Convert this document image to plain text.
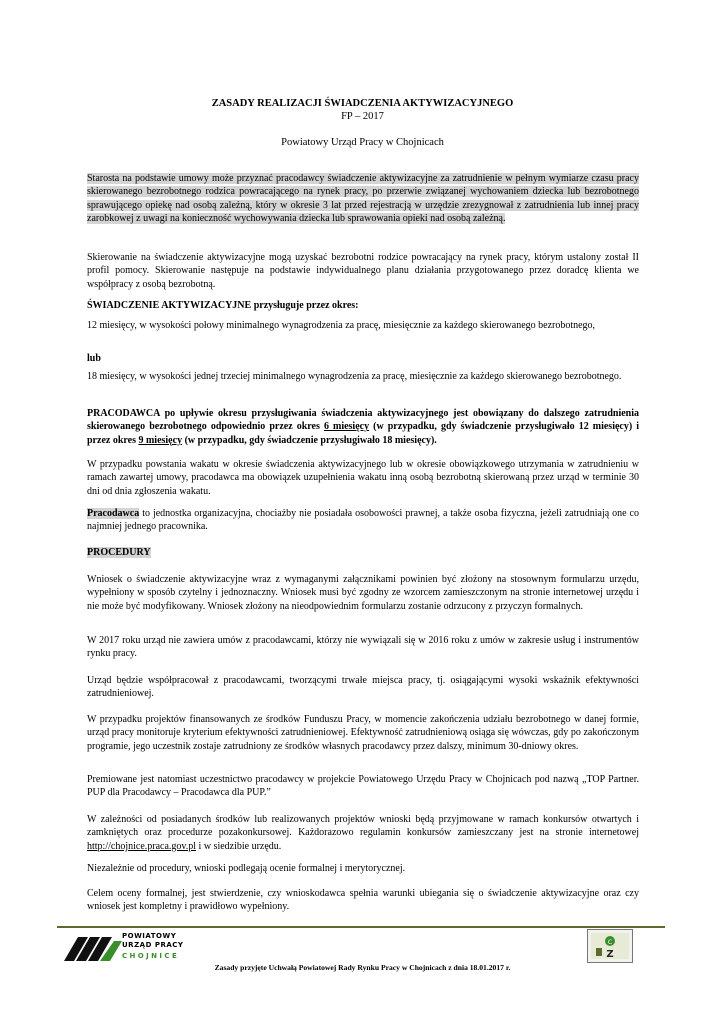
ZASADY REALIZACJI ŚWIADCZENIA AKTYWIZACYJNEGO
FP – 2017
Powiatowy Urząd Pracy w Chojnicach

Starosta na podstawie umowy może przyznać pracodawcy świadczenie aktywizacyjne za zatrudnienie w pełnym wymiarze czasu pracy skierowanego bezrobotnego rodzica powracającego na rynek pracy, po przerwie związanej wychowaniem dziecka lub bezrobotnego sprawującego opiekę nad osobą zależną, który w okresie 3 lat przed rejestracją w urzędzie zrezygnował z zatrudnienia lub innej pracy zarobkowej z uwagi na konieczność wychowywania dziecka lub sprawowania opieki nad osobą zależną.

Skierowanie na świadczenie aktywizacyjne mogą uzyskać bezrobotni rodzice powracający na rynek pracy, którym ustalony został II profil pomocy. Skierowanie następuje na podstawie indywidualnego planu działania przygotowanego przez doradcę klienta we współpracy z osobą bezrobotną.

ŚWIADCZENIE AKTYWIZACYJNE przysługuje przez okres:

12 miesięcy, w wysokości połowy minimalnego wynagrodzenia za pracę, miesięcznie za każdego skierowanego bezrobotnego,

lub

18 miesięcy, w wysokości jednej trzeciej minimalnego wynagrodzenia za pracę, miesięcznie za każdego skierowanego bezrobotnego.

PRACODAWCA po upływie okresu przysługiwania świadczenia aktywizacyjnego jest obowiązany do dalszego zatrudnienia skierowanego bezrobotnego odpowiednio przez okres 6 miesięcy (w przypadku, gdy świadczenie przysługiwało 12 miesięcy) i przez okres 9 miesięcy (w przypadku, gdy świadczenie przysługiwało 18 miesięcy).

W przypadku powstania wakatu w okresie świadczenia aktywizacyjnego lub w okresie obowiązkowego utrzymania w zatrudnieniu w ramach zawartej umowy, pracodawca ma obowiązek uzupełnienia wakatu inną osobą bezrobotną skierowaną przez urząd w terminie 30 dni od dnia zgłoszenia wakatu.

Pracodawca to jednostka organizacyjna, chociażby nie posiadała osobowości prawnej, a także osoba fizyczna, jeżeli zatrudniają one co najmniej jednego pracownika.

PROCEDURY

Wniosek o świadczenie aktywizacyjne wraz z wymaganymi załącznikami powinien być złożony na stosownym formularzu urzędu, wypełniony w sposób czytelny i jednoznaczny. Wniosek musi być zgodny ze wzorcem zamieszczonym na stronie internetowej urzędu i nie może być modyfikowany. Wniosek złożony na nieodpowiednim formularzu zostanie odrzucony z przyczyn formalnych.

W 2017 roku urząd nie zawiera umów z pracodawcami, którzy nie wywiązali się w 2016 roku z umów w zakresie usług i instrumentów rynku pracy.

Urząd będzie współpracował z pracodawcami, tworzącymi trwałe miejsca pracy, tj. osiągającymi wysoki wskaźnik efektywności zatrudnieniowej.

W przypadku projektów finansowanych ze środków Funduszu Pracy, w momencie zakończenia udziału bezrobotnego w danej formie, urząd pracy monitoruje kryterium efektywności zatrudnieniowej. Efektywność zatrudnieniową osiąga się wówczas, gdy po zakończonym programie, jego uczestnik zostaje zatrudniony ze środków własnych pracodawcy przez dalszy, minimum 30-dniowy okres.

Premiowane jest natomiast uczestnictwo pracodawcy w projekcie Powiatowego Urzędu Pracy w Chojnicach pod nazwą „TOP Partner. PUP dla Pracodawcy – Pracodawca dla PUP.”

W zależności od posiadanych środków lub realizowanych projektów wnioski będą przyjmowane w ramach konkursów otwartych i zamkniętych oraz procedurze pozakonkursowej. Każdorazowo regulamin konkursów zamieszczany jest na stronie internetowej http://chojnice.praca.gov.pl i w siedzibie urzędu.

Niezależnie od procedury, wnioski podlegają ocenie formalnej i merytorycznej.

Celem oceny formalnej, jest stwierdzenie, czy wnioskodawca spełnia warunki ubiegania się o świadczenie aktywizacyjne oraz czy wniosek jest kompletny i prawidłowo wypełniony.

POWIATOWY
URZĄD PRACY
CHOJNICE
C
Z
Zasady przyjęte Uchwałą Powiatowej Rady Rynku Pracy w Chojnicach z dnia 18.01.2017 r.
